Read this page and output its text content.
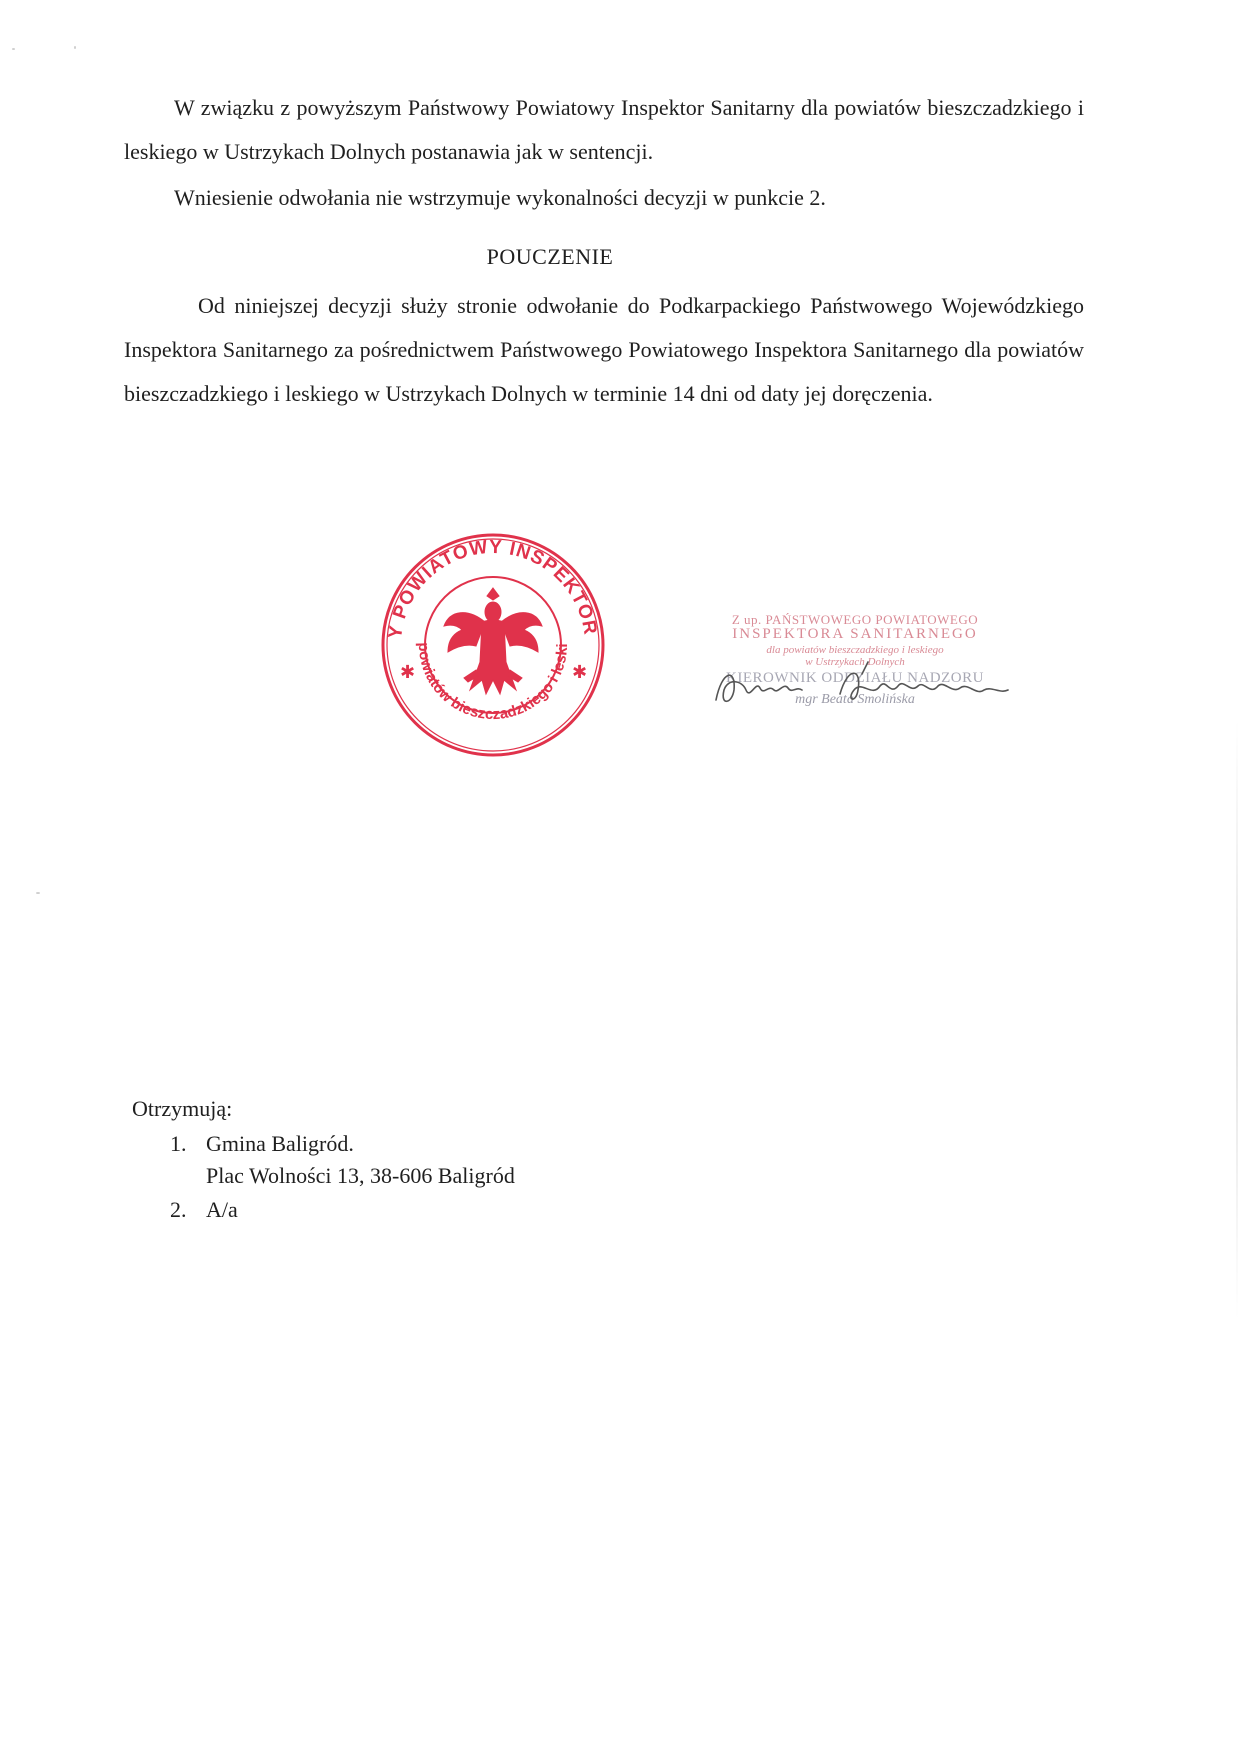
W związku z powyższym Państwowy Powiatowy Inspektor Sanitarny dla powiatów bieszczadzkiego i leskiego w Ustrzykach Dolnych postanawia jak w sentencji.

Wniesienie odwołania nie wstrzymuje wykonalności decyzji w punkcie 2.

POUCZENIE

Od niniejszej decyzji służy stronie odwołanie do Podkarpackiego Państwowego Wojewódzkiego Inspektora Sanitarnego za pośrednictwem Państwowego Powiatowego Inspektora Sanitarnego dla powiatów bieszczadzkiego i leskiego w Ustrzykach Dolnych w terminie 14 dni od daty jej doręczenia.

Y POWIATOWY INSPEKTOR
powiatów bieszczadzkiego i leski
✱	✱
Z up. PAŃSTWOWEGO POWIATOWEGO
INSPEKTORA SANITARNEGO
dla powiatów bieszczadzkiego i leskiego
w Ustrzykach Dolnych
KIEROWNIK ODDZIAŁU NADZORU
mgr Beata Smolińska

Otrzymują:

1. Gmina Baligród.
Plac Wolności 13, 38-606 Baligród
2. A/a
